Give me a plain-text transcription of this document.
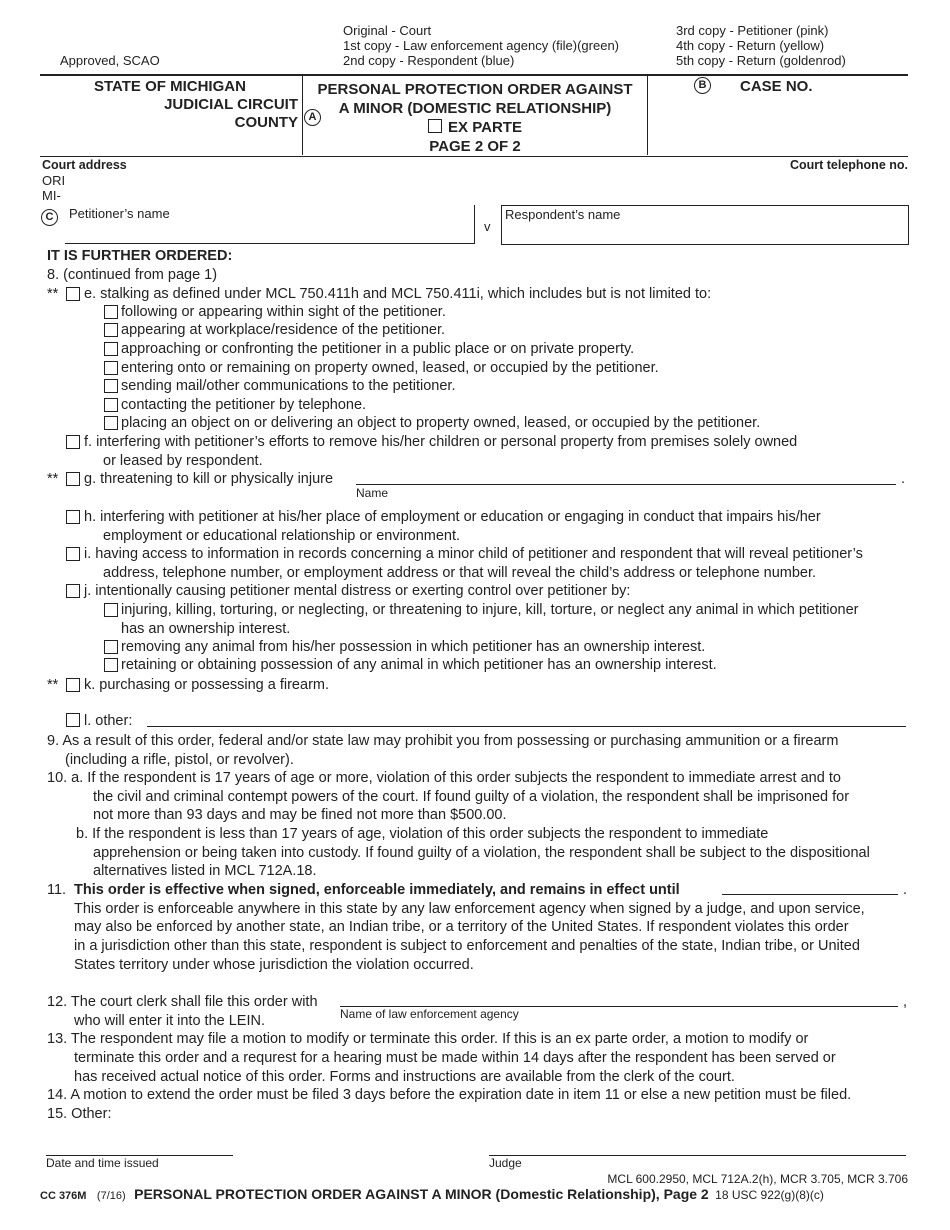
Approved, SCAO
Original - Court
1st copy - Law enforcement agency (file)(green)
2nd copy - Respondent (blue)
3rd copy - Petitioner (pink)
4th copy - Return (yellow)
5th copy - Return (goldenrod)
STATE OF MICHIGAN
JUDICIAL CIRCUIT
COUNTY A
PERSONAL PROTECTION ORDER AGAINST
A MINOR (DOMESTIC RELATIONSHIP)
EX PARTE
PAGE 2 OF 2
B	CASE NO.
Court address	Court telephone no.
ORI
MI-
C	Petitioner’s name
v
Respondent’s name
IT IS FURTHER ORDERED:
8. (continued from page 1)
** e. stalking as defined under MCL 750.411h and MCL 750.411i, which includes but is not limited to:
following or appearing within sight of the petitioner.
appearing at workplace/residence of the petitioner.
approaching or confronting the petitioner in a public place or on private property.
entering onto or remaining on property owned, leased, or occupied by the petitioner.
sending mail/other communications to the petitioner.
contacting the petitioner by telephone.
placing an object on or delivering an object to property owned, leased, or occupied by the petitioner.
f. interfering with petitioner’s efforts to remove his/her children or personal property from premises solely owned
or leased by respondent.
** g. threatening to kill or physically injure	.
Name
h. interfering with petitioner at his/her place of employment or education or engaging in conduct that impairs his/her
employment or educational relationship or environment.
i. having access to information in records concerning a minor child of petitioner and respondent that will reveal petitioner’s
address, telephone number, or employment address or that will reveal the child’s address or telephone number.
j. intentionally causing petitioner mental distress or exerting control over petitioner by:
injuring, killing, torturing, or neglecting, or threatening to injure, kill, torture, or neglect any animal in which petitioner
has an ownership interest.
removing any animal from his/her possession in which petitioner has an ownership interest.
retaining or obtaining possession of any animal in which petitioner has an ownership interest.
** k. purchasing or possessing a firearm.
l. other:
9. As a result of this order, federal and/or state law may prohibit you from possessing or purchasing ammunition or a firearm
(including a rifle, pistol, or revolver).
10. a. If the respondent is 17 years of age or more, violation of this order subjects the respondent to immediate arrest and to
the civil and criminal contempt powers of the court. If found guilty of a violation, the respondent shall be imprisoned for
not more than 93 days and may be fined not more than $500.00.
b. If the respondent is less than 17 years of age, violation of this order subjects the respondent to immediate
apprehension or being taken into custody. If found guilty of a violation, the respondent shall be subject to the dispositional
alternatives listed in MCL 712A.18.
11. This order is effective when signed, enforceable immediately, and remains in effect until	.
This order is enforceable anywhere in this state by any law enforcement agency when signed by a judge, and upon service,
may also be enforced by another state, an Indian tribe, or a territory of the United States. If respondent violates this order
in a jurisdiction other than this state, respondent is subject to enforcement and penalties of the state, Indian tribe, or United
States territory under whose jurisdiction the violation occurred.
12. The court clerk shall file this order with	,
Name of law enforcement agency
who will enter it into the LEIN.
13. The respondent may file a motion to modify or terminate this order. If this is an ex parte order, a motion to modify or
terminate this order and a requrest for a hearing must be made within 14 days after the respondent has been served or
has received actual notice of this order. Forms and instructions are available from the clerk of the court.
14. A motion to extend the order must be filed 3 days before the expiration date in item 11 or else a new petition must be filed.
15. Other:
Date and time issued	Judge
MCL 600.2950, MCL 712A.2(h), MCR 3.705, MCR 3.706
CC 376M (7/16) PERSONAL PROTECTION ORDER AGAINST A MINOR (Domestic Relationship), Page 2 18 USC 922(g)(8)(c)
